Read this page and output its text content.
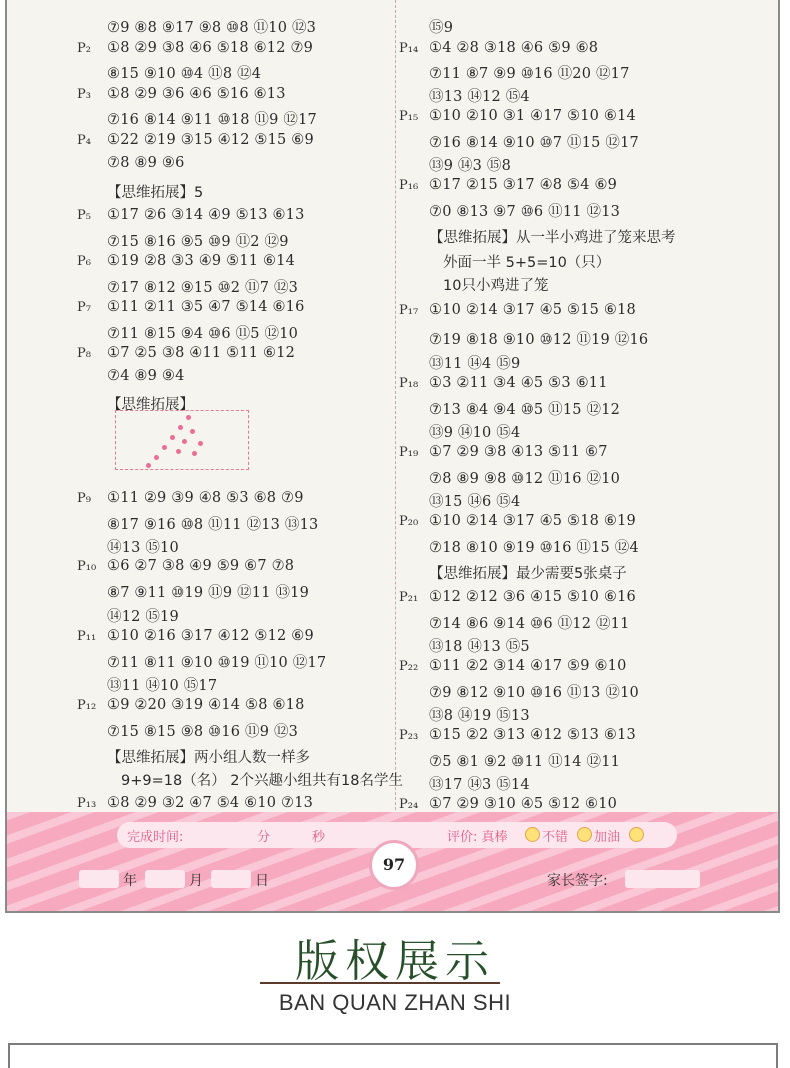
⑦9 ⑧8 ⑨17 ⑨8 ⑩8 ⑪10 ⑫3
P₂ ①8 ②9 ③8 ④6 ⑤18 ⑥12 ⑦9
⑧15 ⑨10 ⑩4 ⑪8 ⑫4
P₃ ①8 ②9 ③6 ④6 ⑤16 ⑥13
⑦16 ⑧14 ⑨11 ⑩18 ⑪9 ⑫17
P₄ ①22 ②19 ③15 ④12 ⑤15 ⑥9
⑦8 ⑧9 ⑨6
【思维拓展】5
P₅ ①17 ②6 ③14 ④9 ⑤13 ⑥13
⑦15 ⑧16 ⑨5 ⑩9 ⑪2 ⑫9
P₆ ①19 ②8 ③3 ④9 ⑤11 ⑥14
⑦17 ⑧12 ⑨15 ⑩2 ⑪7 ⑫3
P₇ ①11 ②11 ③5 ④7 ⑤14 ⑥16
⑦11 ⑧15 ⑨4 ⑩6 ⑪5 ⑫10
P₈ ①7 ②5 ③8 ④11 ⑤11 ⑥12
⑦4 ⑧9 ⑨4
【思维拓展】
P₉ ①11 ②9 ③9 ④8 ⑤3 ⑥8 ⑦9
⑧17 ⑨16 ⑩8 ⑪11 ⑫13 ⑬13
⑭13 ⑮10
P₁₀ ①6 ②7 ③8 ④9 ⑤9 ⑥7 ⑦8
⑧7 ⑨11 ⑩19 ⑪9 ⑫11 ⑬19
⑭12 ⑮19
P₁₁ ①10 ②16 ③17 ④12 ⑤12 ⑥9
⑦11 ⑧11 ⑨10 ⑩19 ⑪10 ⑫17
⑬11 ⑭10 ⑮17
P₁₂ ①9 ②20 ③19 ④14 ⑤8 ⑥18
⑦15 ⑧15 ⑨8 ⑩16 ⑪9 ⑫3
【思维拓展】两小组人数一样多
9+9=18（名） 2个兴趣小组共有18名学生
P₁₃ ①8 ②9 ③2 ④7 ⑤4 ⑥10 ⑦13
⑮9
P₁₄ ①4 ②8 ③18 ④6 ⑤9 ⑥8
⑦11 ⑧7 ⑨9 ⑩16 ⑪20 ⑫17
⑬13 ⑭12 ⑮4
P₁₅ ①10 ②10 ③1 ④17 ⑤10 ⑥14
⑦16 ⑧14 ⑨10 ⑩7 ⑪15 ⑫17
⑬9 ⑭3 ⑮8
P₁₆ ①17 ②15 ③17 ④8 ⑤4 ⑥9
⑦0 ⑧13 ⑨7 ⑩6 ⑪11 ⑫13
【思维拓展】从一半小鸡进了笼来思考
外面一半 5+5=10（只）
10只小鸡进了笼
P₁₇ ①10 ②14 ③17 ④5 ⑤15 ⑥18
⑦19 ⑧18 ⑨10 ⑩12 ⑪19 ⑫16
⑬11 ⑭4 ⑮9
P₁₈ ①3 ②11 ③4 ④5 ⑤3 ⑥11
⑦13 ⑧4 ⑨4 ⑩5 ⑪15 ⑫12
⑬9 ⑭10 ⑮4
P₁₉ ①7 ②9 ③8 ④13 ⑤11 ⑥7
⑦8 ⑧9 ⑨8 ⑩12 ⑪16 ⑫10
⑬15 ⑭6 ⑮4
P₂₀ ①10 ②14 ③17 ④5 ⑤18 ⑥19
⑦18 ⑧10 ⑨19 ⑩16 ⑪15 ⑫4
【思维拓展】最少需要5张桌子
P₂₁ ①12 ②12 ③6 ④15 ⑤10 ⑥16
⑦14 ⑧6 ⑨14 ⑩6 ⑪12 ⑫11
⑬18 ⑭13 ⑮5
P₂₂ ①11 ②2 ③14 ④17 ⑤9 ⑥10
⑦9 ⑧12 ⑨10 ⑩16 ⑪13 ⑫10
⑬8 ⑭19 ⑮13
P₂₃ ①15 ②2 ③13 ④12 ⑤13 ⑥13
⑦5 ⑧1 ⑨2 ⑩11 ⑪14 ⑫11
⑬17 ⑭3 ⑮14
P₂₄ ①7 ②9 ③10 ④5 ⑤12 ⑥10
完成时间:	分	秒	评价: 真棒	不错 加油
97
年	月	日	家长签字:
版权展示
BAN QUAN ZHAN SHI
